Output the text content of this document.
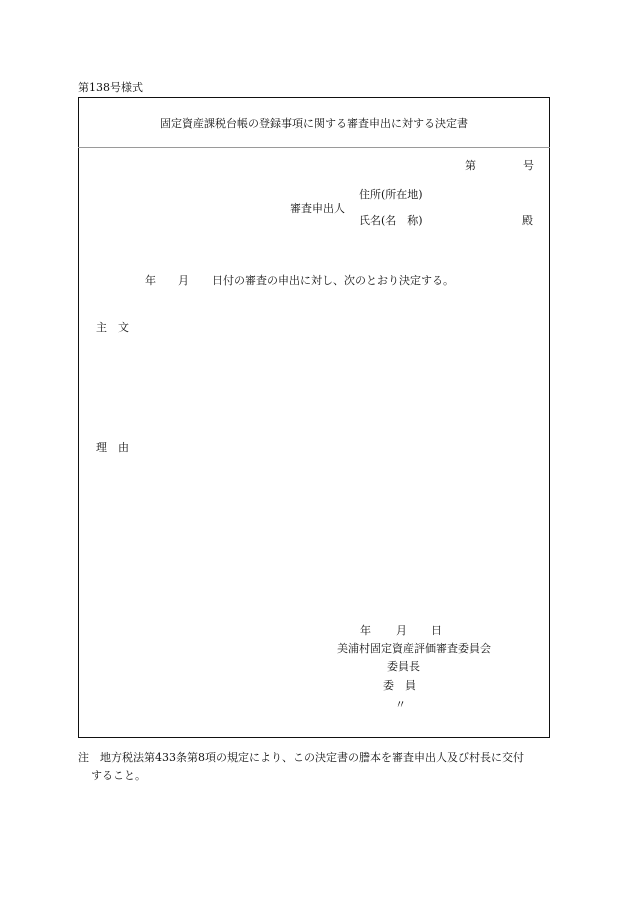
第138号様式
固定資産課税台帳の登録事項に関する審査申出に対する決定書
第	号
審査申出人
住所(所在地)
氏名(名　称)	殿
年 月 日付の審査の申出に対し、次のとおり決定する。
主　文
理　由
年 月 日
美浦村固定資産評価審査委員会
委員長
委　員
〃
注　地方税法第433条第8項の規定により、この決定書の謄本を審査申出人及び村長に交付
すること。
